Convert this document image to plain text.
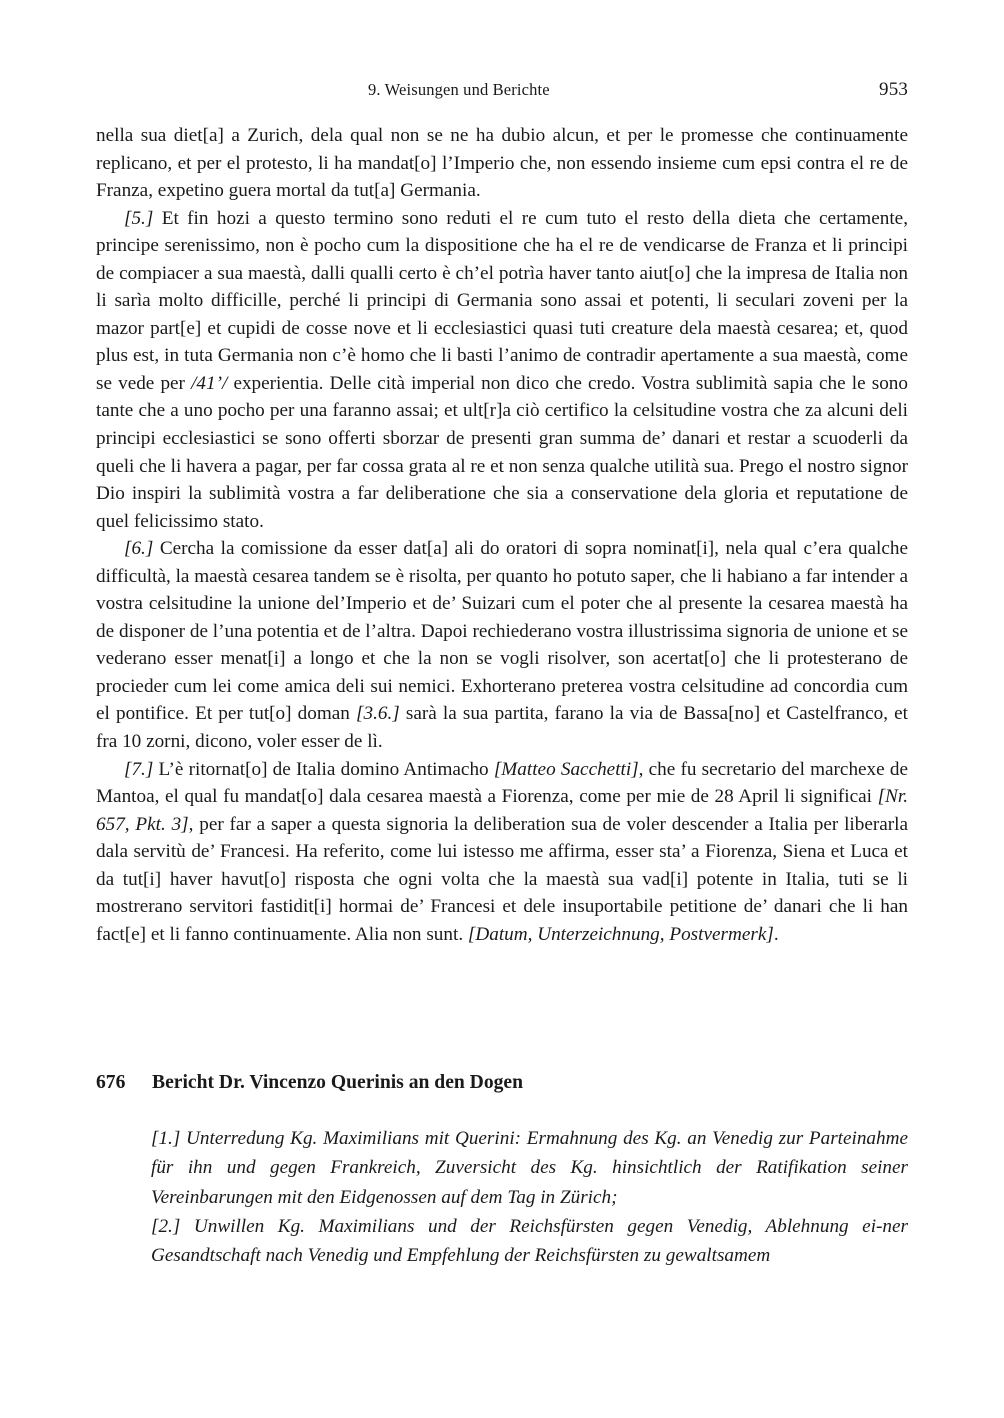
9. Weisungen und Berichte	953

nella sua diet[a] a Zurich, dela qual non se ne ha dubio alcun, et per le promesse che continuamente replicano, et per el protesto, li ha mandat[o] l’Imperio che, non essendo insieme cum epsi contra el re de Franza, expetino guera mortal da tut[a] Germania.

[5.] Et fin hozi a questo termino sono reduti el re cum tuto el resto della dieta che certamente, principe serenissimo, non è pocho cum la dispositione che ha el re de vendicarse de Franza et li principi de compiacer a sua maestà, dalli qualli certo è ch’el potrìa haver tanto aiut[o] che la impresa de Italia non li sarìa molto difficille, perché li principi di Germania sono assai et potenti, li seculari zoveni per la mazor part[e] et cupidi de cosse nove et li ecclesiastici quasi tuti creature dela maestà cesarea; et, quod plus est, in tuta Germania non c’è homo che li basti l’animo de contradir apertamente a sua maestà, come se vede per /41’/ experientia. Delle cità imperial non dico che credo. Vostra sublimità sapia che le sono tante che a uno pocho per una faranno assai; et ult[r]a ciò certifico la celsitudine vostra che za alcuni deli principi ecclesiastici se sono offerti sborzar de presenti gran summa de’ danari et restar a scuoderli da queli che li havera a pagar, per far cossa grata al re et non senza qualche utilità sua. Prego el nostro signor Dio inspiri la sublimità vostra a far deliberatione che sia a conservatione dela gloria et reputatione de quel felicissimo stato.

[6.] Cercha la comissione da esser dat[a] ali do oratori di sopra nominat[i], nela qual c’era qualche difficultà, la maestà cesarea tandem se è risolta, per quanto ho potuto saper, che li habiano a far intender a vostra celsitudine la unione del’Imperio et de’ Suizari cum el poter che al presente la cesarea maestà ha de disponer de l’una potentia et de l’altra. Dapoi rechiederano vostra illustrissima signoria de unione et se vederano esser menat[i] a longo et che la non se vogli risolver, son acertat[o] che li protesterano de procieder cum lei come amica deli sui nemici. Exhorterano preterea vostra celsitudine ad concordia cum el pontifice. Et per tut[o] doman [3.6.] sarà la sua partita, farano la via de Bassa[no] et Castelfranco, et fra 10 zorni, dicono, voler esser de lì.

[7.] L’è ritornat[o] de Italia domino Antimacho [Matteo Sacchetti], che fu secretario del marchexe de Mantoa, el qual fu mandat[o] dala cesarea maestà a Fiorenza, come per mie de 28 April li significai [Nr. 657, Pkt. 3], per far a saper a questa signoria la deliberation sua de voler descender a Italia per liberarla dala servitù de’ Francesi. Ha referito, come lui istesso me affirma, esser sta’ a Fiorenza, Siena et Luca et da tut[i] haver havut[o] risposta che ogni volta che la maestà sua vad[i] potente in Italia, tuti se li mostrerano servitori fastidit[i] hormai de’ Francesi et dele insuportabile petitione de’ danari che li han fact[e] et li fanno continuamente. Alia non sunt. [Datum, Unterzeichnung, Postvermerk].

676	Bericht Dr. Vincenzo Querinis an den Dogen

[1.] Unterredung Kg. Maximilians mit Querini: Ermahnung des Kg. an Venedig zur Parteinahme für ihn und gegen Frankreich, Zuversicht des Kg. hinsichtlich der Ratifikation seiner Vereinbarungen mit den Eidgenossen auf dem Tag in Zürich;

[2.] Unwillen Kg. Maximilians und der Reichsfürsten gegen Venedig, Ablehnung ei-ner Gesandtschaft nach Venedig und Empfehlung der Reichsfürsten zu gewaltsamem
